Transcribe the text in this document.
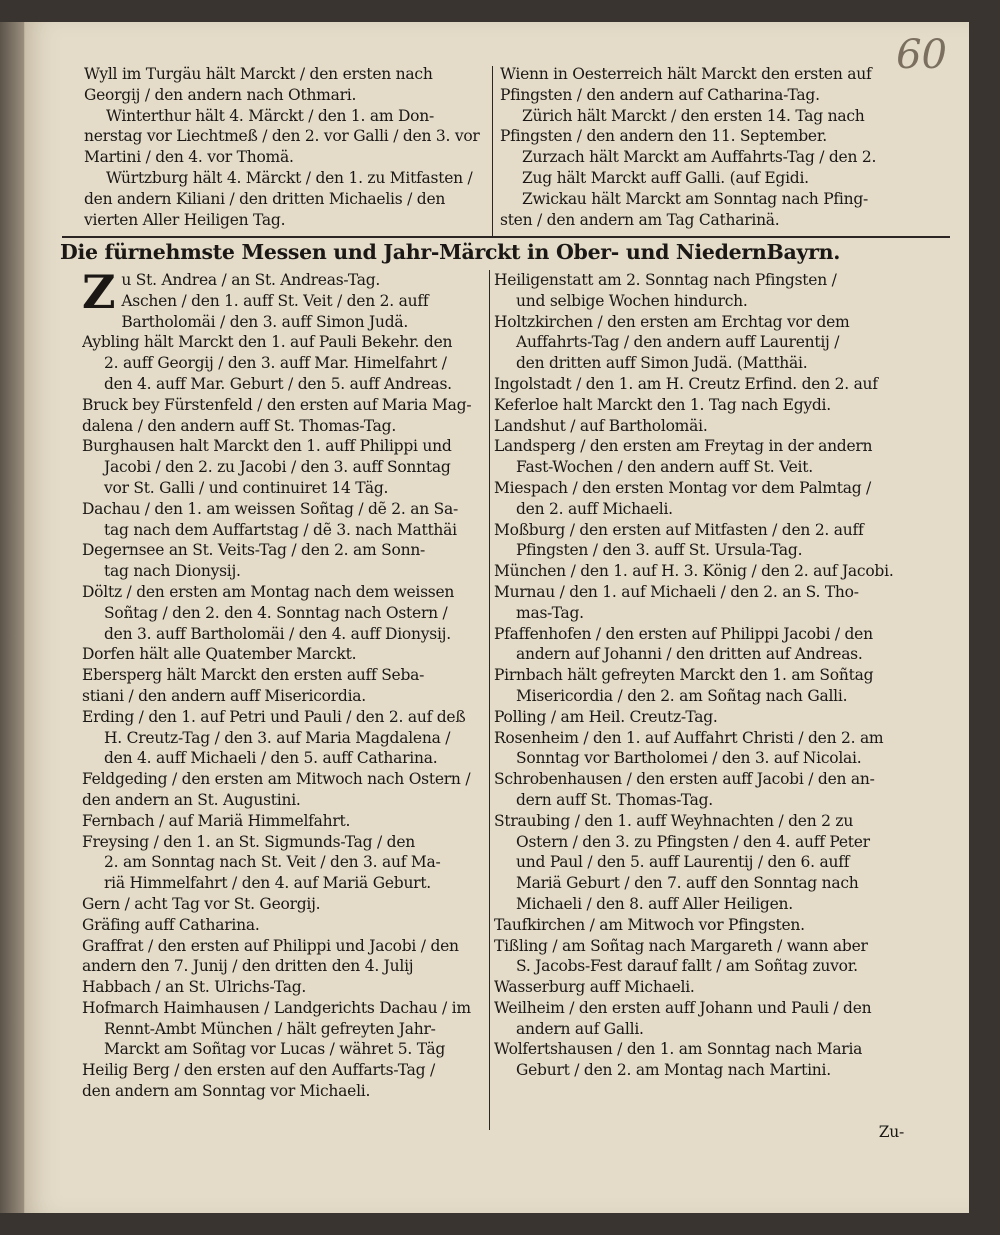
60
Wyll im Turgäu hält Marckt / den ersten nach
Georgij / den andern nach Othmari.
Winterthur hält 4. Märckt / den 1. am Don-
nerstag vor Liechtmeß / den 2. vor Galli / den 3. vor
Martini / den 4. vor Thomä.
Würtzburg hält 4. Märckt / den 1. zu Mitfasten /
den andern Kiliani / den dritten Michaelis / den
vierten Aller Heiligen Tag.
Wienn in Oesterreich hält Marckt den ersten auf
Pfingsten / den andern auf Catharina-Tag.
Zürich hält Marckt / den ersten 14. Tag nach
Pfingsten / den andern den 11. September.
Zurzach hält Marckt am Auffahrts-Tag / den 2.
Zug hält Marckt auff Galli. (auf Egidi.
Zwickau hält Marckt am Sonntag nach Pfing-
sten / den andern am Tag Catharinä.
Die fürnehmste Messen und Jahr-Märckt in Ober- und NiedernBayrn.
Z u St. Andrea / an St. Andreas-Tag.
Aschen / den 1. auff St. Veit / den 2. auff
Bartholomäi / den 3. auff Simon Judä.
Aybling hält Marckt den 1. auf Pauli Bekehr. den
2. auff Georgij / den 3. auff Mar. Himelfahrt /
den 4. auff Mar. Geburt / den 5. auff Andreas.
Bruck bey Fürstenfeld / den ersten auf Maria Mag-
dalena / den andern auff St. Thomas-Tag.
Burghausen halt Marckt den 1. auff Philippi und
Jacobi / den 2. zu Jacobi / den 3. auff Sonntag
vor St. Galli / und continuiret 14 Täg.
Dachau / den 1. am weissen Soñtag / dẽ 2. an Sa-
tag nach dem Auffartstag / dẽ 3. nach Matthäi
Degernsee an St. Veits-Tag / den 2. am Sonn-
tag nach Dionysij.
Döltz / den ersten am Montag nach dem weissen
Soñtag / den 2. den 4. Sonntag nach Ostern /
den 3. auff Bartholomäi / den 4. auff Dionysij.
Dorfen hält alle Quatember Marckt.
Ebersperg hält Marckt den ersten auff Seba-
stiani / den andern auff Misericordia.
Erding / den 1. auf Petri und Pauli / den 2. auf deß
H. Creutz-Tag / den 3. auf Maria Magdalena /
den 4. auff Michaeli / den 5. auff Catharina.
Feldgeding / den ersten am Mitwoch nach Ostern /
den andern an St. Augustini.
Fernbach / auf Mariä Himmelfahrt.
Freysing / den 1. an St. Sigmunds-Tag / den
2. am Sonntag nach St. Veit / den 3. auf Ma-
riä Himmelfahrt / den 4. auf Mariä Geburt.
Gern / acht Tag vor St. Georgij.
Gräfing auff Catharina.
Graffrat / den ersten auf Philippi und Jacobi / den
andern den 7. Junij / den dritten den 4. Julij
Habbach / an St. Ulrichs-Tag.
Hofmarch Haimhausen / Landgerichts Dachau / im
Rennt-Ambt München / hält gefreyten Jahr-
Marckt am Soñtag vor Lucas / währet 5. Täg
Heilig Berg / den ersten auf den Auffarts-Tag /
den andern am Sonntag vor Michaeli.
Heiligenstatt am 2. Sonntag nach Pfingsten /
und selbige Wochen hindurch.
Holtzkirchen / den ersten am Erchtag vor dem
Auffahrts-Tag / den andern auff Laurentij /
den dritten auff Simon Judä. (Matthäi.
Ingolstadt / den 1. am H. Creutz Erfind. den 2. auf
Keferloe halt Marckt den 1. Tag nach Egydi.
Landshut / auf Bartholomäi.
Landsperg / den ersten am Freytag in der andern
Fast-Wochen / den andern auff St. Veit.
Miespach / den ersten Montag vor dem Palmtag /
den 2. auff Michaeli.
Moßburg / den ersten auf Mitfasten / den 2. auff
Pfingsten / den 3. auff St. Ursula-Tag.
München / den 1. auf H. 3. König / den 2. auf Jacobi.
Murnau / den 1. auf Michaeli / den 2. an S. Tho-
mas-Tag.
Pfaffenhofen / den ersten auf Philippi Jacobi / den
andern auf Johanni / den dritten auf Andreas.
Pirnbach hält gefreyten Marckt den 1. am Soñtag
Misericordia / den 2. am Soñtag nach Galli.
Polling / am Heil. Creutz-Tag.
Rosenheim / den 1. auf Auffahrt Christi / den 2. am
Sonntag vor Bartholomei / den 3. auf Nicolai.
Schrobenhausen / den ersten auff Jacobi / den an-
dern auff St. Thomas-Tag.
Straubing / den 1. auff Weyhnachten / den 2 zu
Ostern / den 3. zu Pfingsten / den 4. auff Peter
und Paul / den 5. auff Laurentij / den 6. auff
Mariä Geburt / den 7. auff den Sonntag nach
Michaeli / den 8. auff Aller Heiligen.
Taufkirchen / am Mitwoch vor Pfingsten.
Tißling / am Soñtag nach Margareth / wann aber
S. Jacobs-Fest darauf fallt / am Soñtag zuvor.
Wasserburg auff Michaeli.
Weilheim / den ersten auff Johann und Pauli / den
andern auf Galli.
Wolfertshausen / den 1. am Sonntag nach Maria
Geburt / den 2. am Montag nach Martini.
Zu-
